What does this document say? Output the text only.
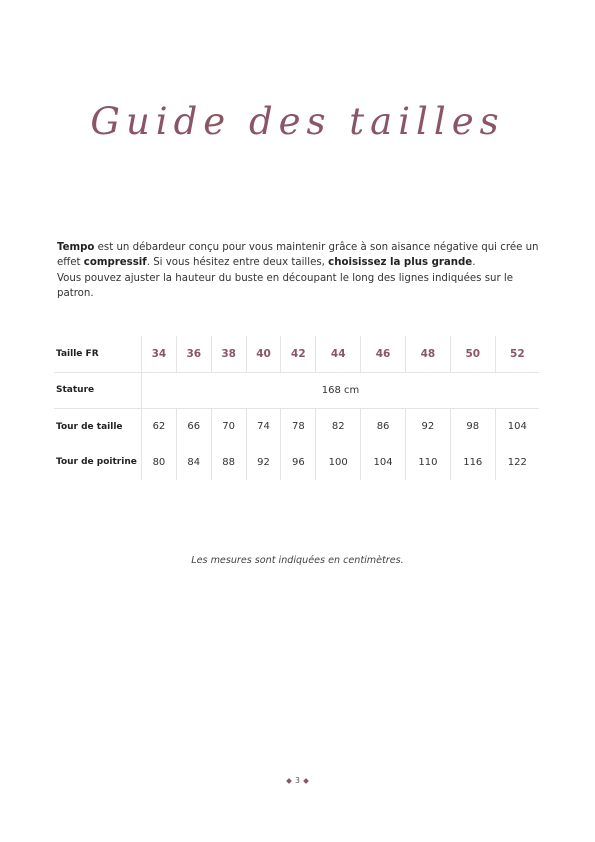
Guide des tailles

Tempo est un débardeur conçu pour vous maintenir grâce à son aisance négative qui crée un effet compressif. Si vous hésitez entre deux tailles, choisissez la plus grande.

Vous pouvez ajuster la hauteur du buste en découpant le long des lignes indiquées sur le patron.

Taille FR	34	36	38	40	42	44	46	48	50	52
Stature	168 cm									
Tour de taille	62	66	70	74	78	82	86	92	98	104
Tour de poitrine	80	84	88	92	96	100	104	110	116	122

Les mesures sont indiquées en centimètres.

3
